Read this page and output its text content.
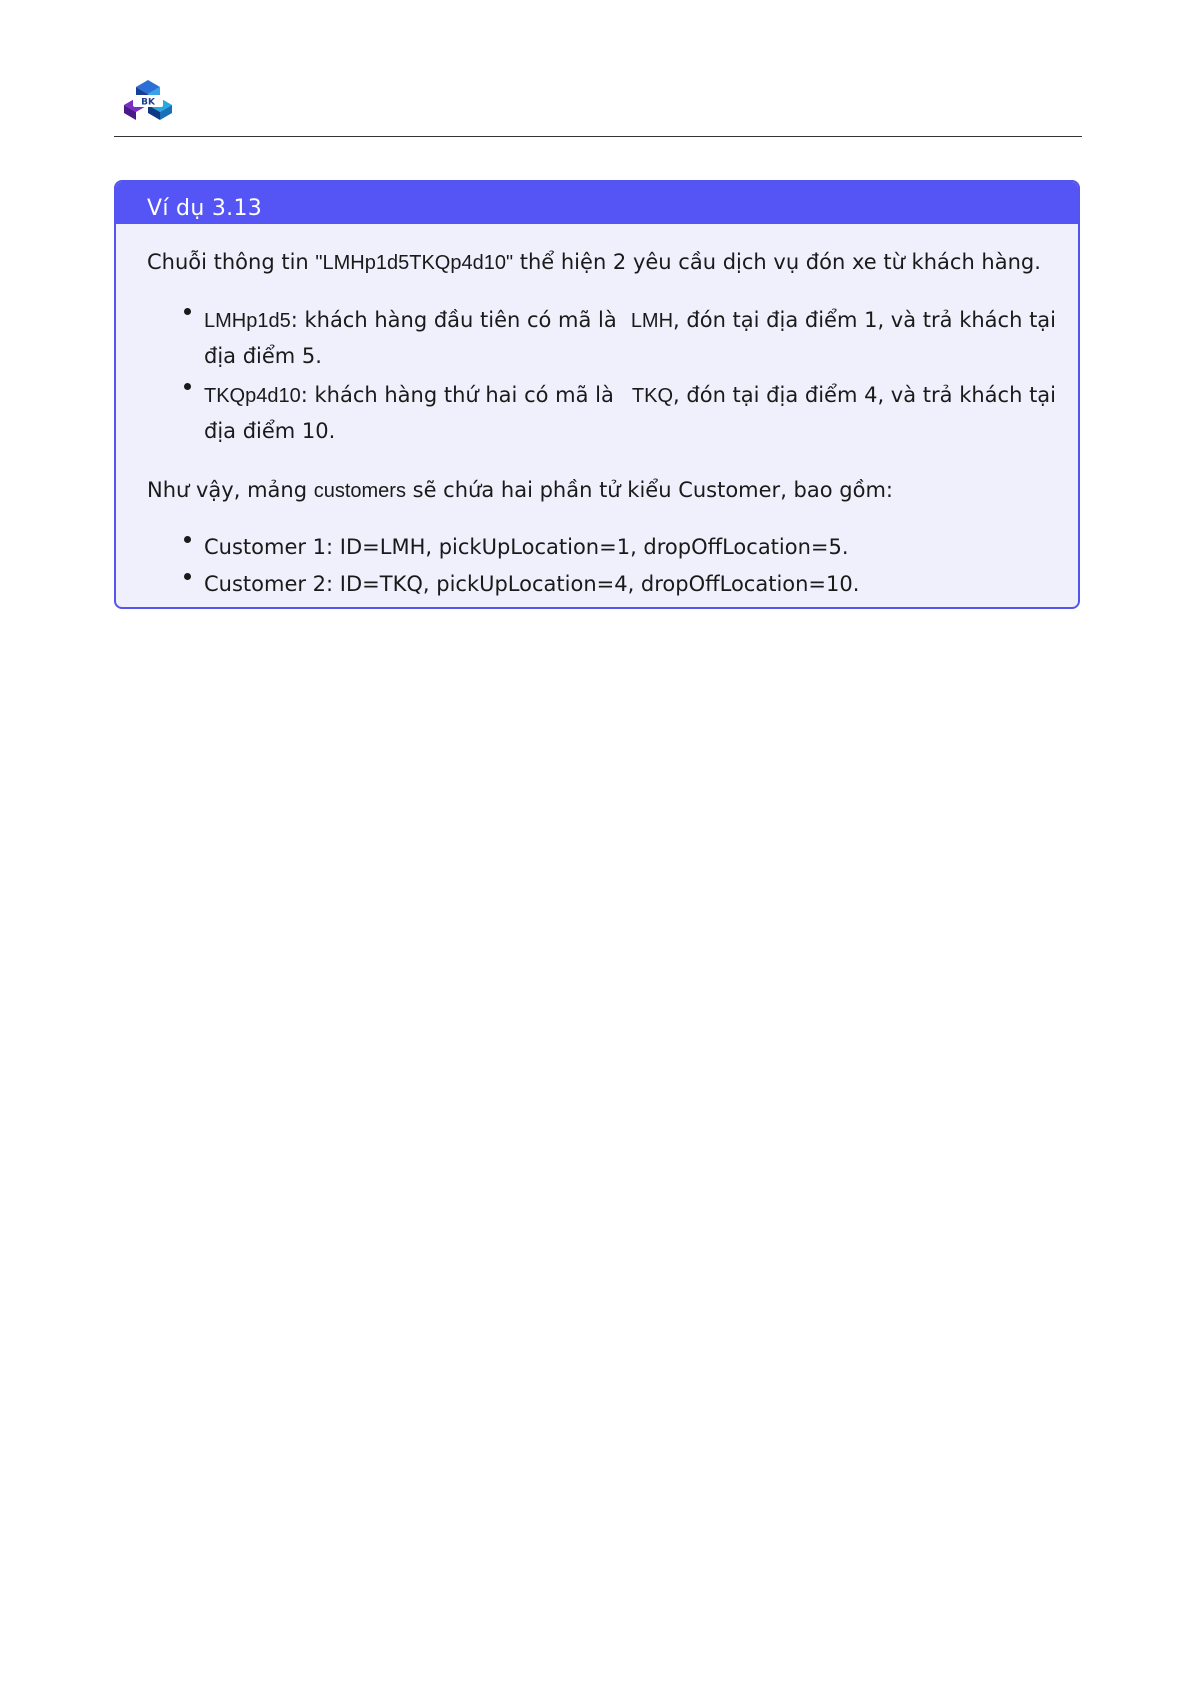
BK
Ví dụ 3.13
Chuỗi thông tin "LMHp1d5TKQp4d10" thể hiện 2 yêu cầu dịch vụ đón xe từ khách hàng.
LMHp1d5: khách hàng đầu tiên có mã là LMH, đón tại địa điểm 1, và trả khách tại
địa điểm 5.
TKQp4d10: khách hàng thứ hai có mã là TKQ, đón tại địa điểm 4, và trả khách tại
địa điểm 10.
Như vậy, mảng customers sẽ chứa hai phần tử kiểu Customer, bao gồm:
Customer 1: ID=LMH, pickUpLocation=1, dropOffLocation=5.
Customer 2: ID=TKQ, pickUpLocation=4, dropOffLocation=10.
